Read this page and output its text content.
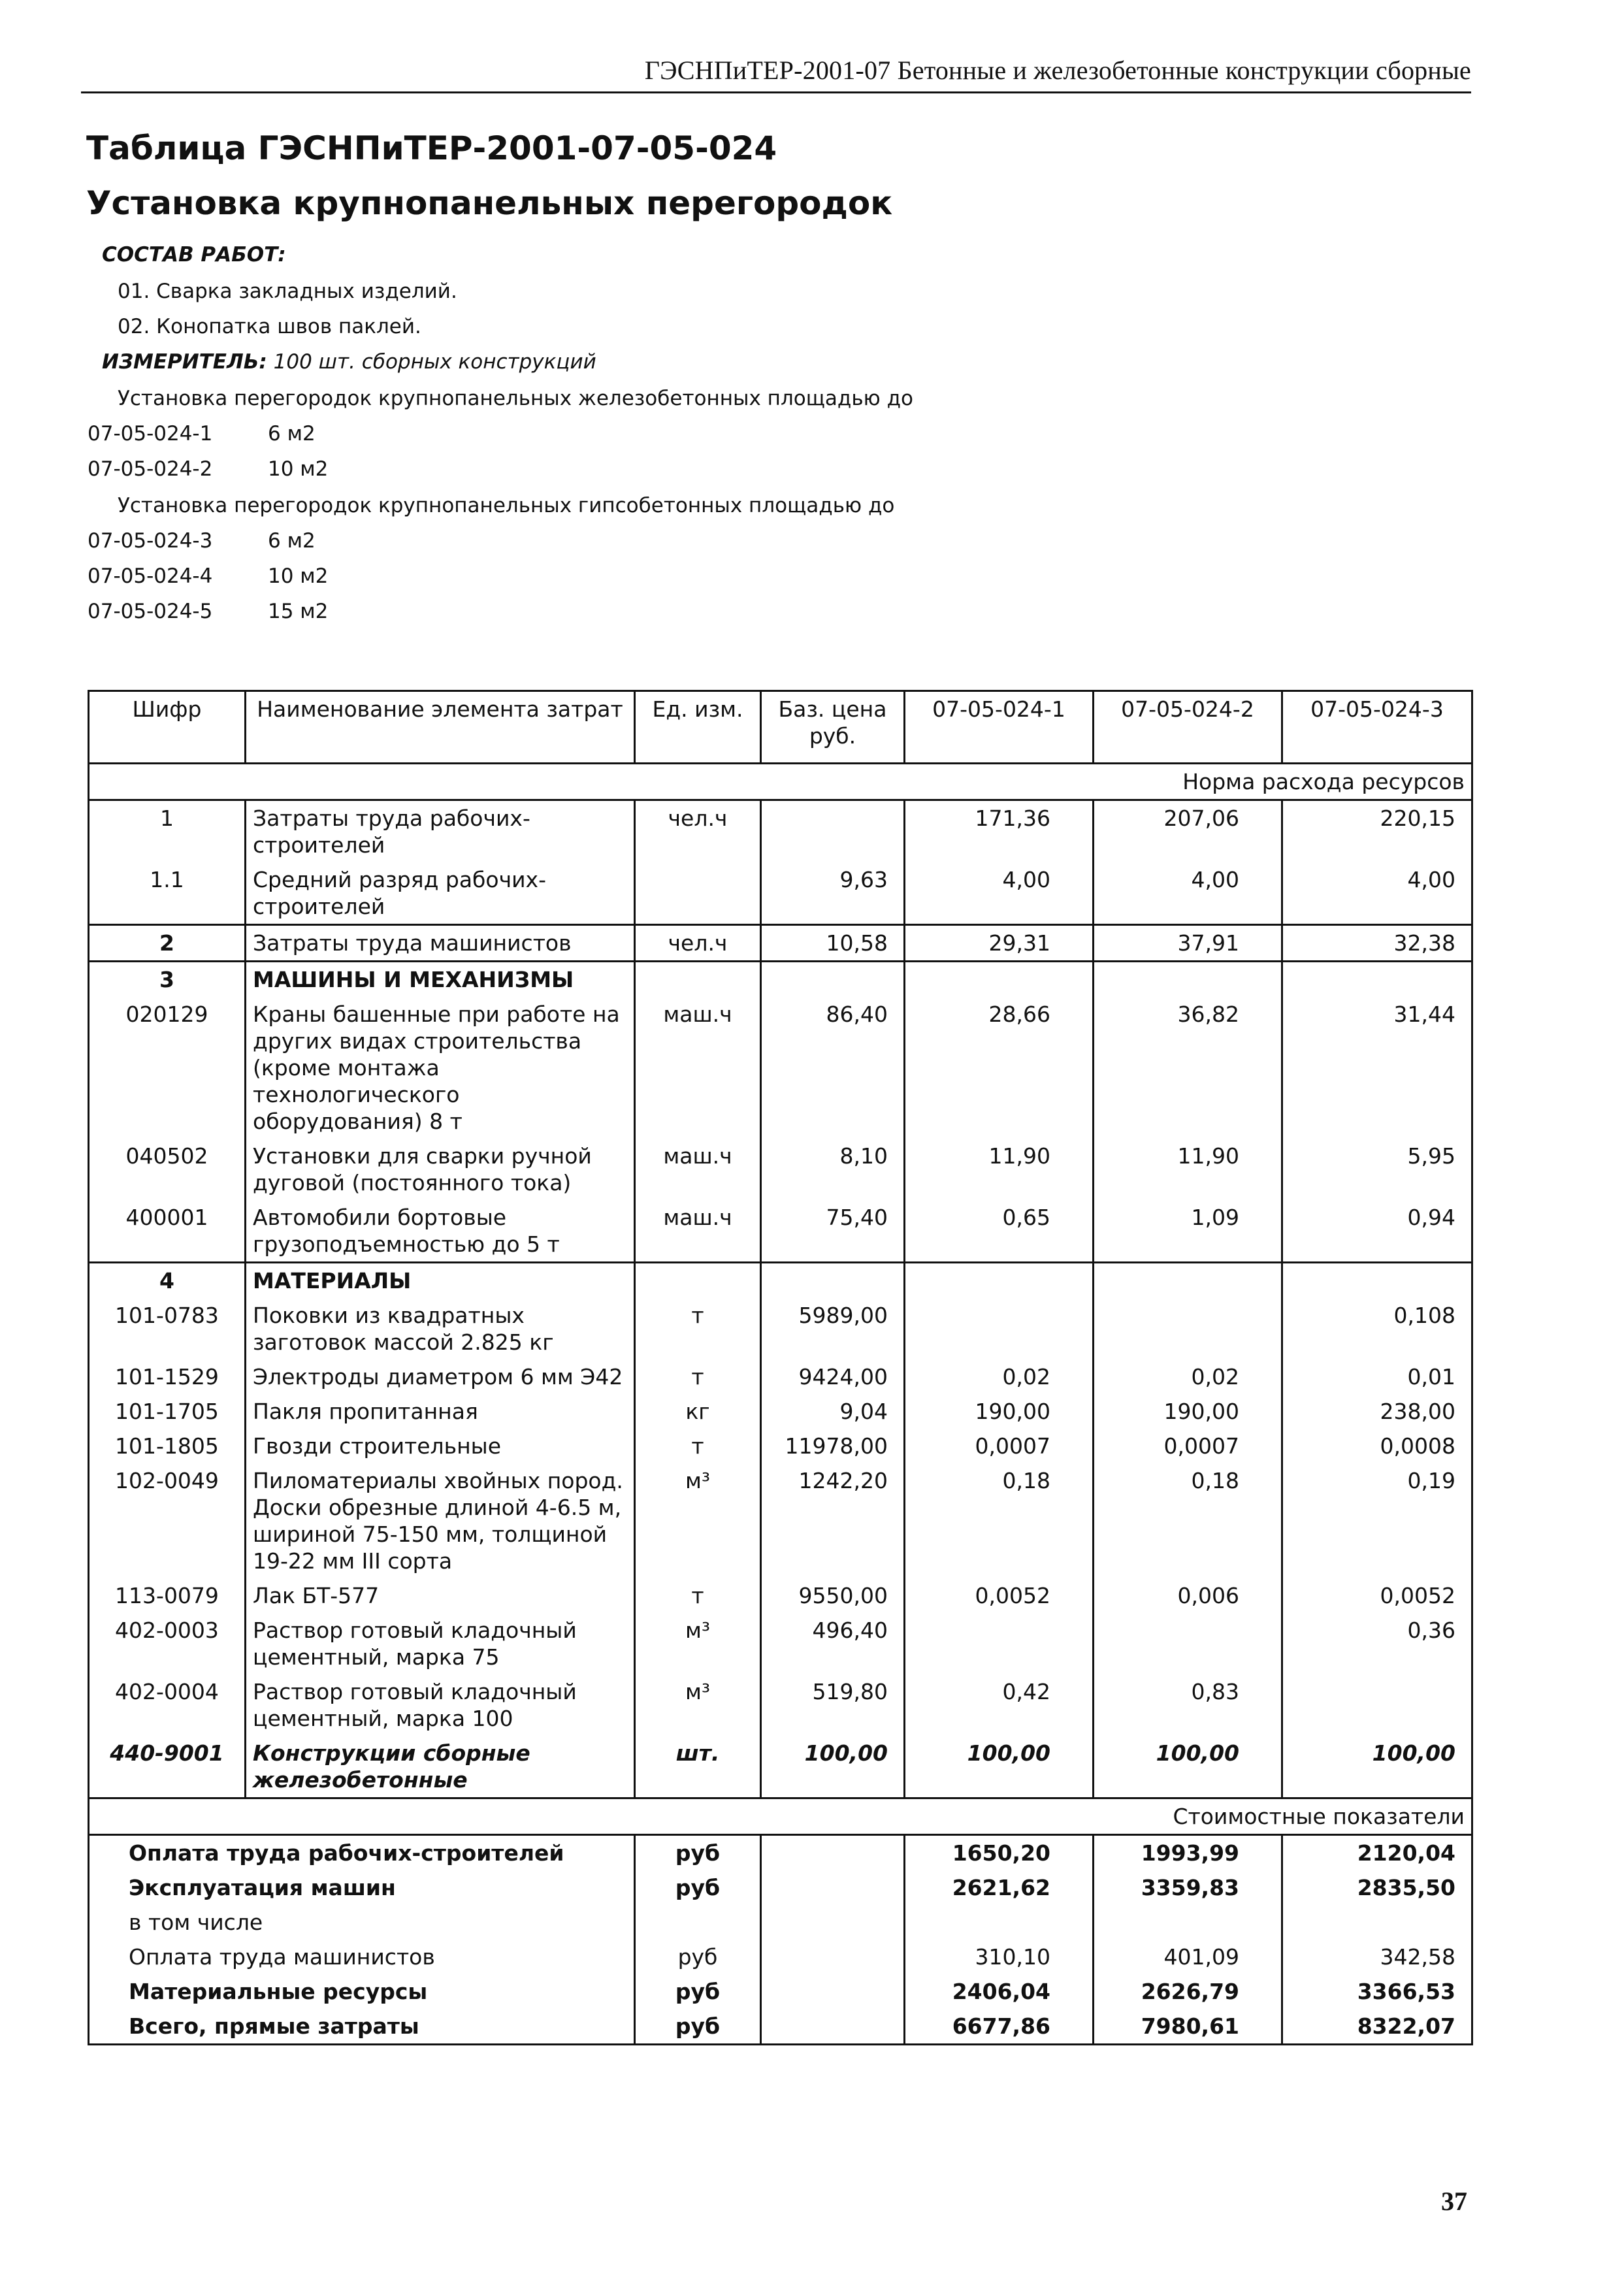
ГЭСНПиТЕР-2001-07 Бетонные и железобетонные конструкции сборные
Таблица ГЭСНПиТЕР-2001-07-05-024
Установка крупнопанельных перегородок
СОСТАВ РАБОТ:
01. Сварка закладных изделий.
02. Конопатка швов паклей.
ИЗМЕРИТЕЛЬ: 100 шт. сборных конструкций
Установка перегородок крупнопанельных железобетонных площадью до
07-05-024-1	6 м2
07-05-024-2	10 м2
Установка перегородок крупнопанельных гипсобетонных площадью до
07-05-024-3	6 м2
07-05-024-4	10 м2
07-05-024-5	15 м2
Шифр	Наименование элемента затрат	Ед. изм.	Баз. цена руб.	07-05-024-1	07-05-024-2	07-05-024-3
Норма расхода ресурсов						
1	Затраты труда рабочих-строителей	чел.ч		171,36	207,06	220,15
1.1	Средний разряд рабочих-строителей		9,63	4,00	4,00	4,00
2	Затраты труда машинистов	чел.ч	10,58	29,31	37,91	32,38
3	МАШИНЫ И МЕХАНИЗМЫ					
020129	Краны башенные при работе на других видах строительства (кроме монтажа технологического оборудования) 8 т	маш.ч	86,40	28,66	36,82	31,44
040502	Установки для сварки ручной дуговой (постоянного тока)	маш.ч	8,10	11,90	11,90	5,95
400001	Автомобили бортовые грузоподъемностью до 5 т	маш.ч	75,40	0,65	1,09	0,94
4	МАТЕРИАЛЫ					
101-0783	Поковки из квадратных заготовок массой 2.825 кг	т	5989,00			0,108
101-1529	Электроды диаметром 6 мм Э42	т	9424,00	0,02	0,02	0,01
101-1705	Пакля пропитанная	кг	9,04	190,00	190,00	238,00
101-1805	Гвозди строительные	т	11978,00	0,0007	0,0007	0,0008
102-0049	Пиломатериалы хвойных пород. Доски обрезные длиной 4-6.5 м, шириной 75-150 мм, толщиной 19-22 мм III сорта	м³	1242,20	0,18	0,18	0,19
113-0079	Лак БТ-577	т	9550,00	0,0052	0,006	0,0052
402-0003	Раствор готовый кладочный цементный, марка 75	м³	496,40			0,36
402-0004	Раствор готовый кладочный цементный, марка 100	м³	519,80	0,42	0,83	
440-9001	Конструкции сборные железобетонные	шт.	100,00	100,00	100,00	100,00
Стоимостные показатели						
Оплата труда рабочих-строителей		руб		1650,20	1993,99	2120,04
Эксплуатация машин		руб		2621,62	3359,83	2835,50
в том числе						
Оплата труда машинистов		руб		310,10	401,09	342,58
Материальные ресурсы		руб		2406,04	2626,79	3366,53
Всего, прямые затраты		руб		6677,86	7980,61	8322,07
37
